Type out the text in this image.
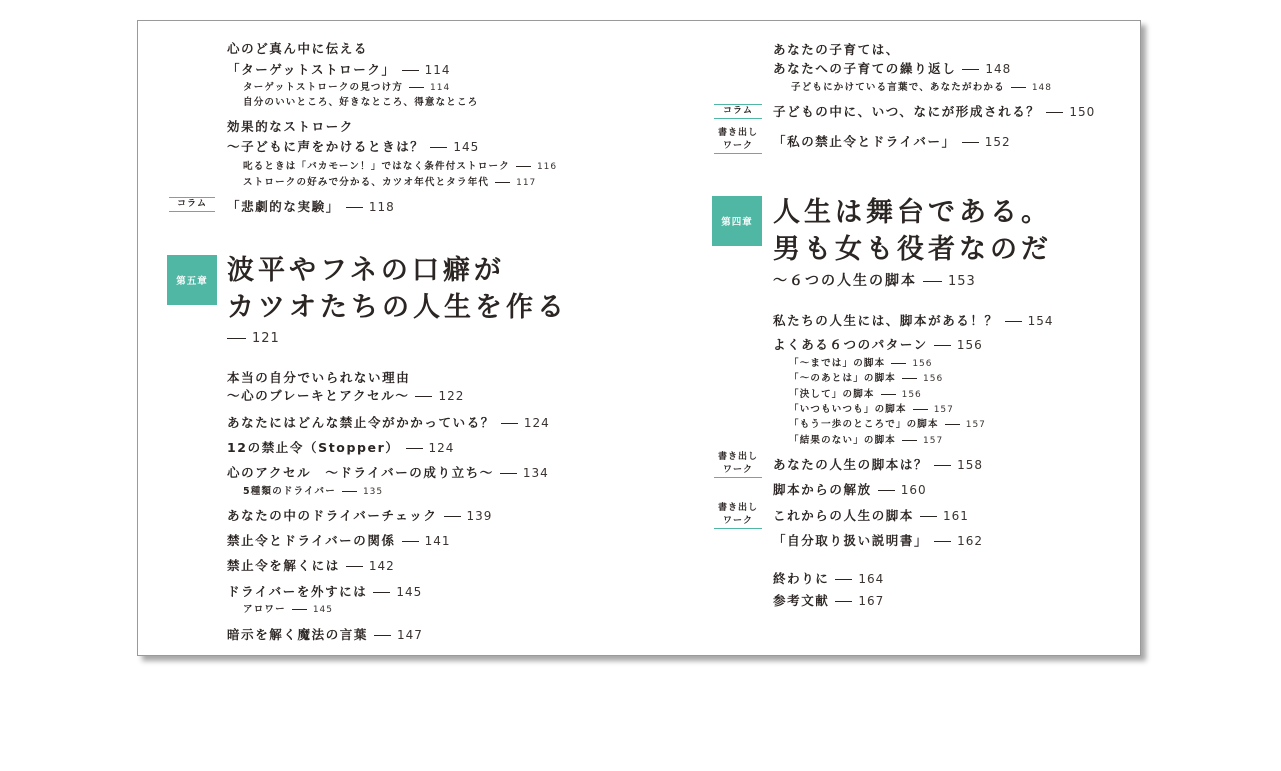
心のど真ん中に伝える
「ターゲットストローク」 114
ターゲットストロークの見つけ方	114
自分のいいところ、好きなところ、得意なところ
効果的なストローク
～子どもに声をかけるときは？ 145
叱るときは「バカモーン！」ではなく条件付ストローク	116
ストロークの好みで分かる、カツオ年代とタラ年代	117
コラム	「悲劇的な実験」 118
第五章 波平やフネの口癖が
カツオたちの人生を作る
121
本当の自分でいられない理由
～心のブレーキとアクセル～ 122
あなたにはどんな禁止令がかかっている？ 124
12の禁止令（Stopper） 124
心のアクセル　～ドライバーの成り立ち～ 134
5種類のドライバー	135
あなたの中のドライバーチェック 139
禁止令とドライバーの関係 141
禁止令を解くには 142
ドライバーを外すには 145
アロワー	145
暗示を解く魔法の言葉 147
あなたの子育ては、
あなたへの子育ての繰り返し 148
子どもにかけている言葉で、あなたがわかる	148
コラム	子どもの中に、いつ、なにが形成される？ 150
書き出し
ワーク	「私の禁止令とドライバー」 152
第四章 人生は舞台である。
男も女も役者なのだ
～６つの人生の脚本 153
私たちの人生には、脚本がある！？ 154
よくある６つのパターン 156
「～までは」の脚本	156
「～のあとは」の脚本	156
「決して」の脚本	156
「いつもいつも」の脚本	157
「もう一歩のところで」の脚本	157
「結果のない」の脚本	157
書き出し
ワーク	あなたの人生の脚本は？ 158
脚本からの解放 160
書き出し
ワーク	これからの人生の脚本 161
「自分取り扱い説明書」 162
終わりに 164
参考文献 167
